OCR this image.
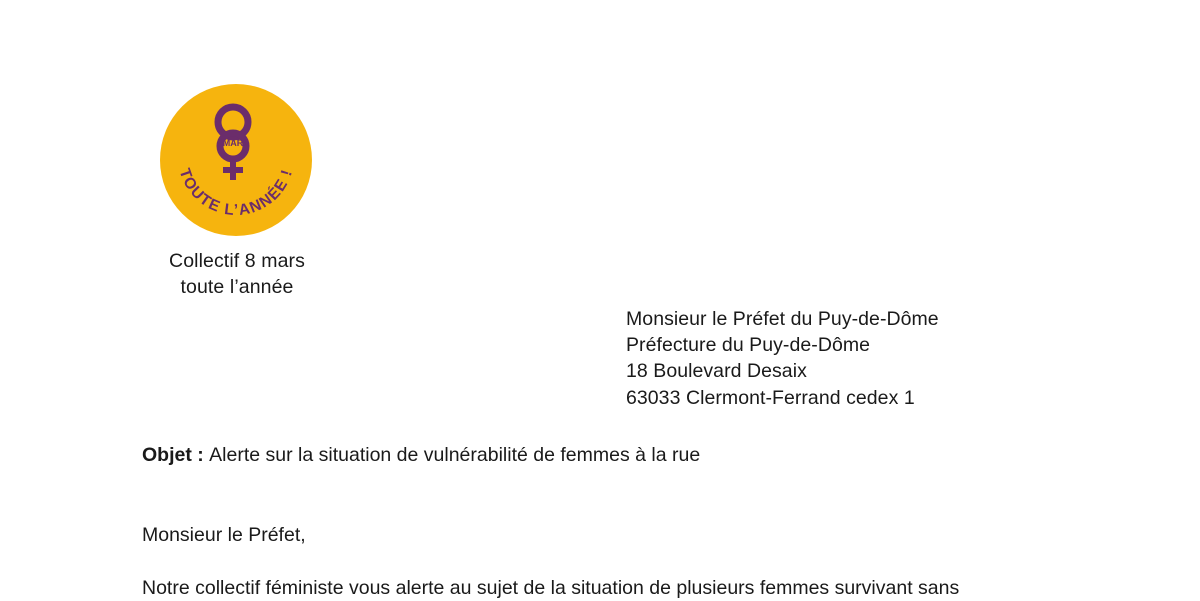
MARS
TOUTE L’ANNÉE !
Collectif 8 mars
toute l’année
Monsieur le Préfet du Puy-de-Dôme
Préfecture du Puy-de-Dôme
18 Boulevard Desaix
63033 Clermont-Ferrand cedex 1
Objet : Alerte sur la situation de vulnérabilité de femmes à la rue
Monsieur le Préfet,
Notre collectif féministe vous alerte au sujet de la situation de plusieurs femmes survivant sans
